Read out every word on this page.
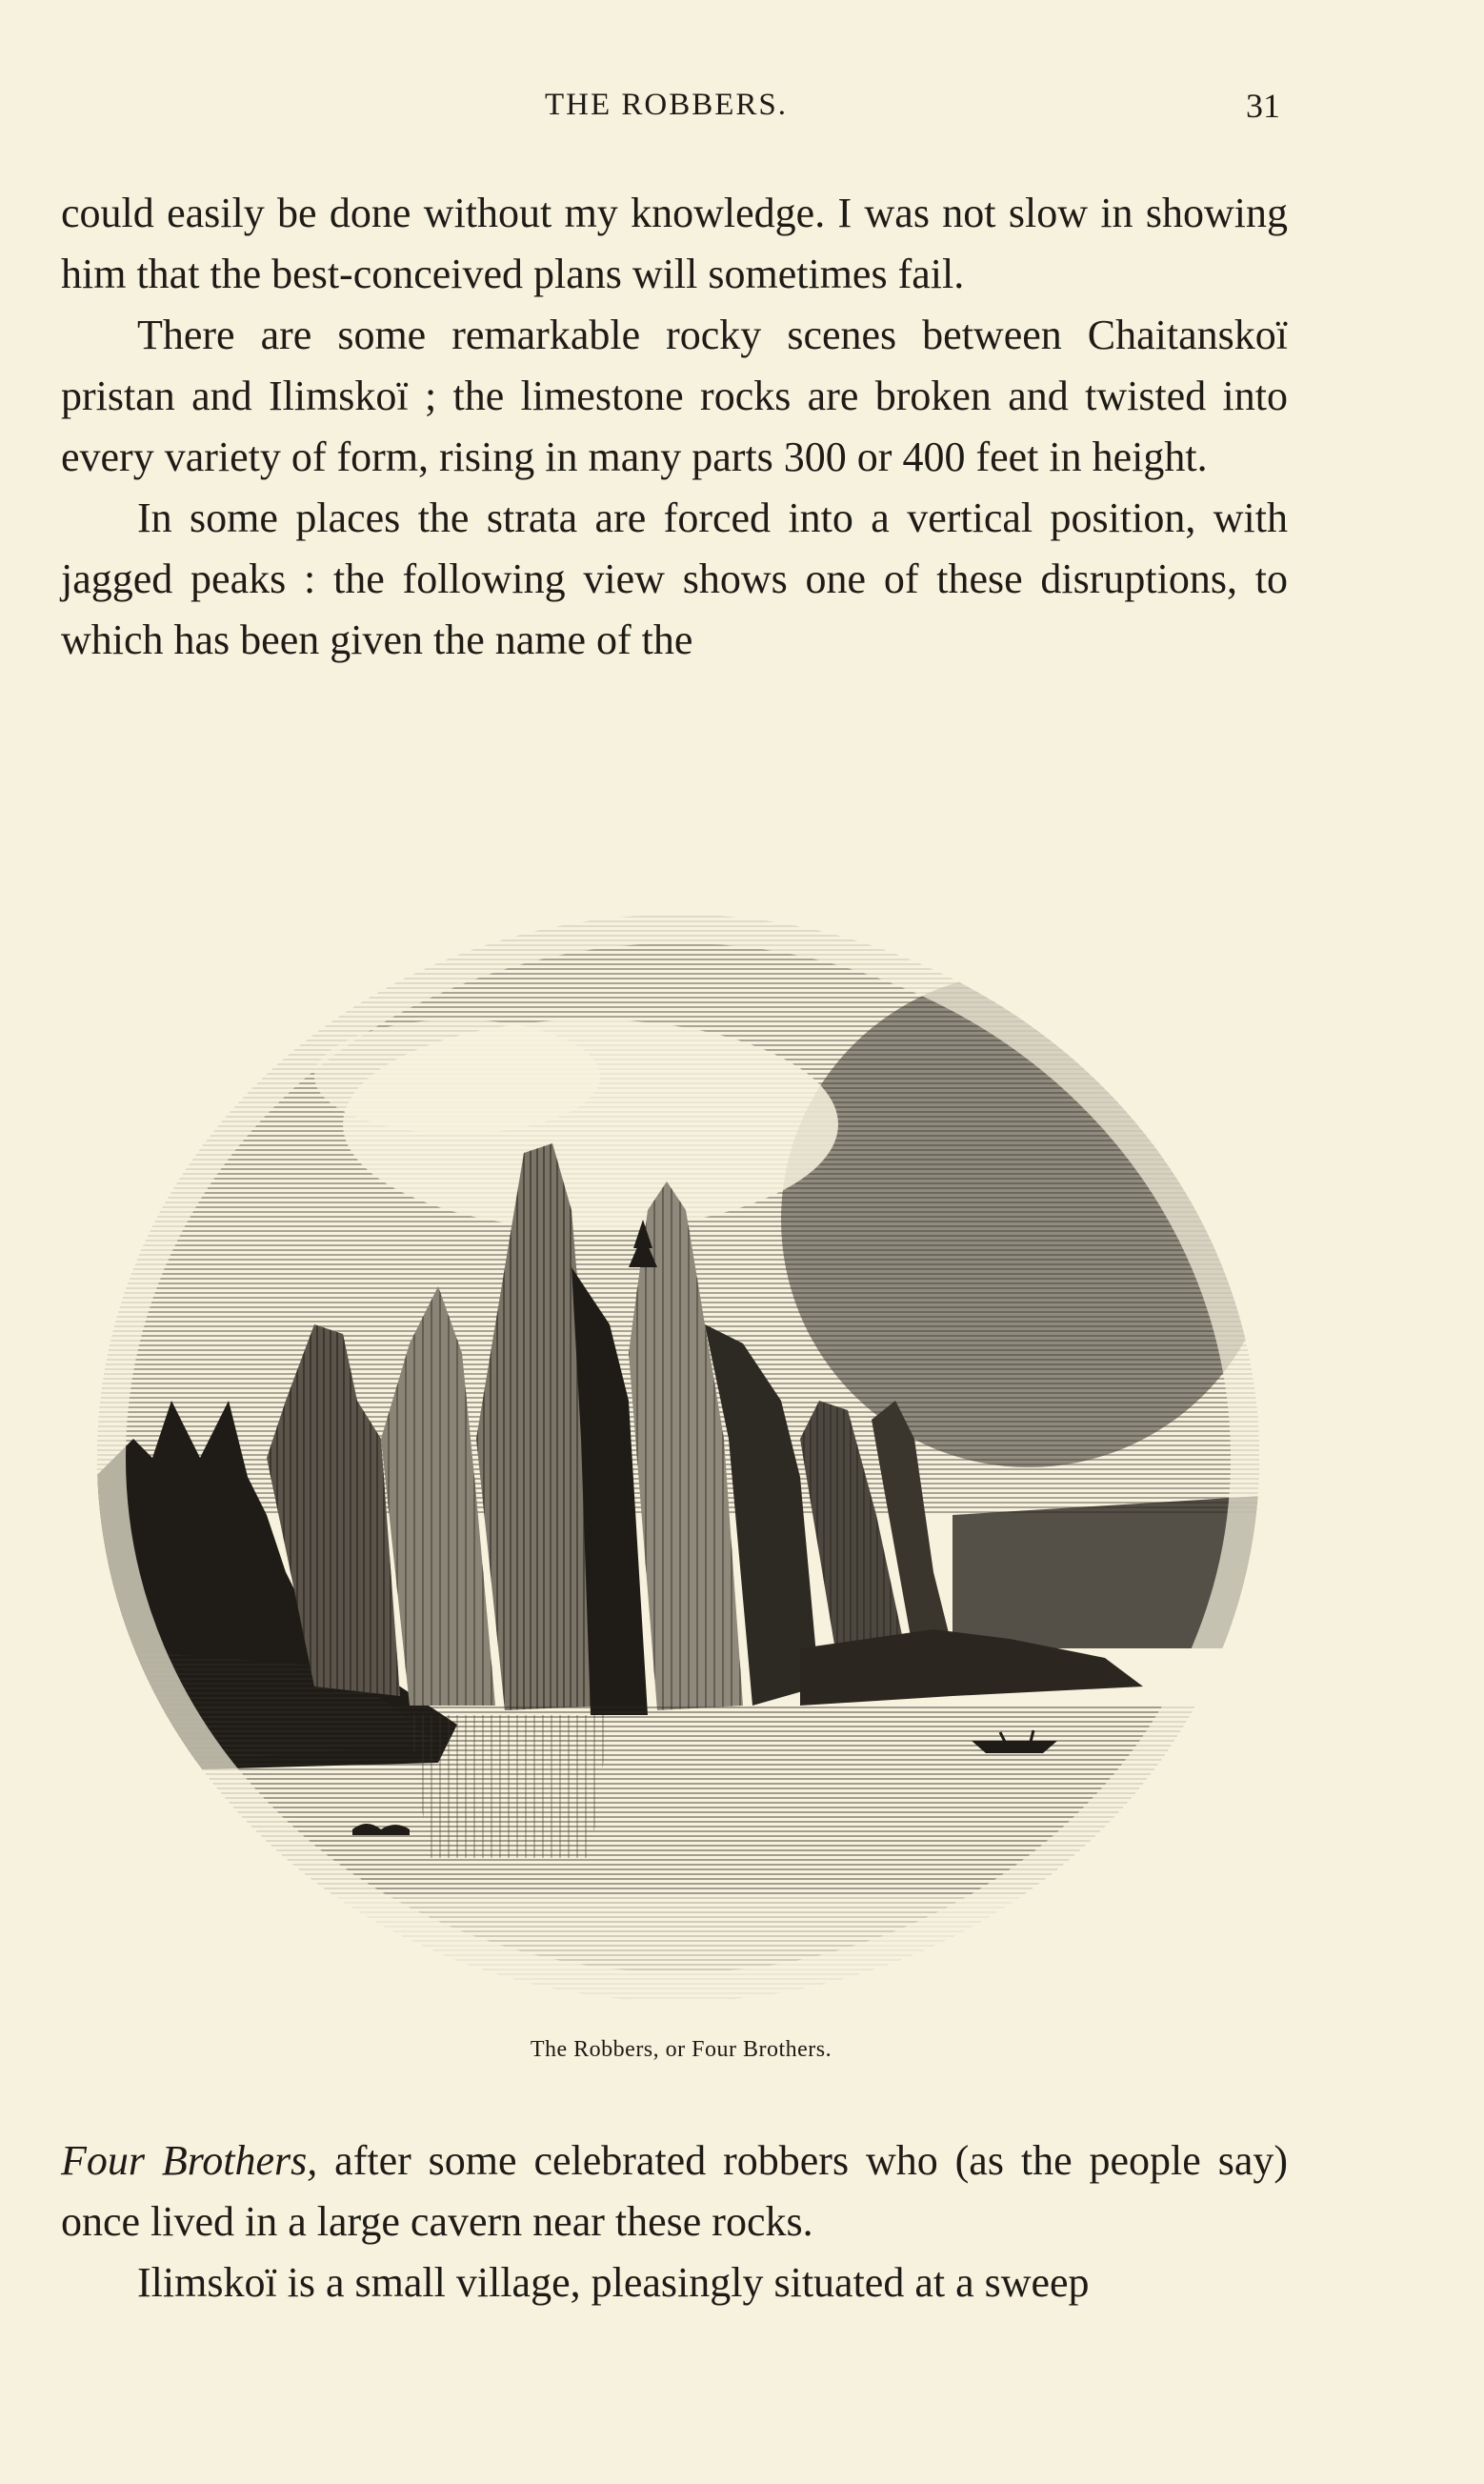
THE ROBBERS.	31

could easily be done without my knowledge. I was not slow in showing him that the best-conceived plans will sometimes fail.

There are some remarkable rocky scenes between Chaitanskoï pristan and Ilimskoï ; the limestone rocks are broken and twisted into every variety of form, rising in many parts 300 or 400 feet in height.

In some places the strata are forced into a vertical position, with jagged peaks : the following view shows one of these disruptions, to which has been given the name of the

The Robbers, or Four Brothers.

Four Brothers, after some celebrated robbers who (as the people say) once lived in a large cavern near these rocks.

Ilimskoï is a small village, pleasingly situated at a sweep
